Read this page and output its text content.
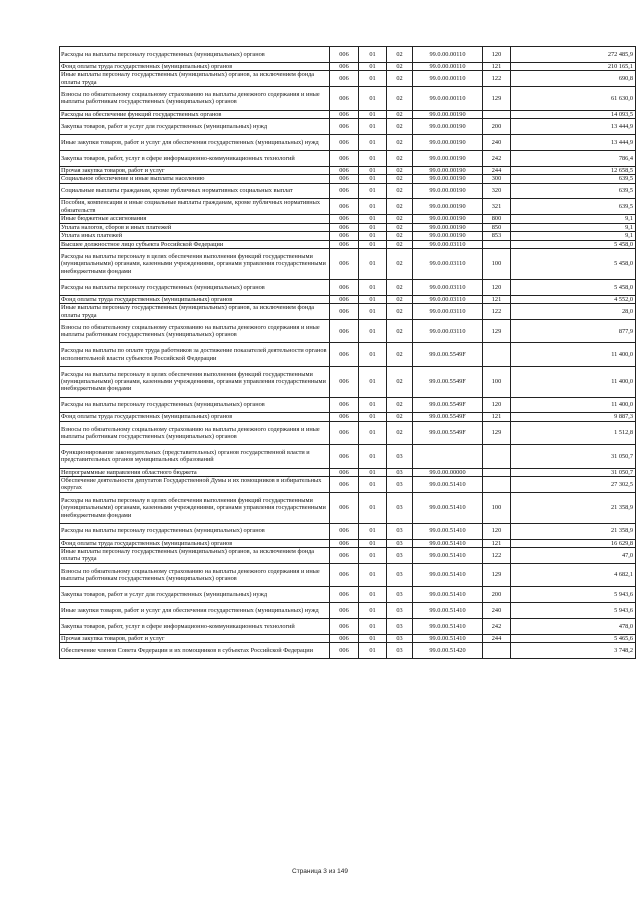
Расходы на выплаты персоналу государственных (муниципальных) органов	006	01	02	99.0.00.00110	120	272 485,9
Фонд оплаты труда государственных (муниципальных) органов	006	01	02	99.0.00.00110	121	210 165,1
Иные выплаты персоналу государственных (муниципальных) органов, за исключением фонда оплаты труда	006	01	02	99.0.00.00110	122	690,8
Взносы по обязательному социальному страхованию на выплаты денежного содержания и иные выплаты работникам государственных (муниципальных) органов	006	01	02	99.0.00.00110	129	61 630,0
Расходы на обеспечение функций государственных органов	006	01	02	99.0.00.00190		14 093,5
Закупка товаров, работ и услуг для государственных (муниципальных) нужд	006	01	02	99.0.00.00190	200	13 444,9
Иные закупки товаров, работ и услуг для обеспечения государственных (муниципальных) нужд	006	01	02	99.0.00.00190	240	13 444,9
Закупка товаров, работ, услуг в сфере информационно-коммуникационных технологий	006	01	02	99.0.00.00190	242	786,4
Прочая закупка товаров, работ и услуг	006	01	02	99.0.00.00190	244	12 658,5
Социальное обеспечение и иные выплаты населению	006	01	02	99.0.00.00190	300	639,5
Социальные выплаты гражданам, кроме публичных нормативных социальных выплат	006	01	02	99.0.00.00190	320	639,5
Пособия, компенсации и иные социальные выплаты гражданам, кроме публичных нормативных обязательств	006	01	02	99.0.00.00190	321	639,5
Иные бюджетные ассигнования	006	01	02	99.0.00.00190	800	9,1
Уплата налогов, сборов и иных платежей	006	01	02	99.0.00.00190	850	9,1
Уплата иных платежей	006	01	02	99.0.00.00190	853	9,1
Высшее должностное лицо субъекта Российской Федерации	006	01	02	99.0.00.03110		5 458,0
Расходы на выплаты персоналу в целях обеспечения выполнения функций государственными (муниципальными) органами, казенными учреждениями, органами управления государственными внебюджетными фондами	006	01	02	99.0.00.03110	100	5 458,0
Расходы на выплаты персоналу государственных (муниципальных) органов	006	01	02	99.0.00.03110	120	5 458,0
Фонд оплаты труда государственных (муниципальных) органов	006	01	02	99.0.00.03110	121	4 552,0
Иные выплаты персоналу государственных (муниципальных) органов, за исключением фонда оплаты труда	006	01	02	99.0.00.03110	122	28,0
Взносы по обязательному социальному страхованию на выплаты денежного содержания и иные выплаты работникам государственных (муниципальных) органов	006	01	02	99.0.00.03110	129	877,9
Расходы на выплаты по оплате труда работников за достижение показателей деятельности органов исполнительной власти субъектов Российской Федерации	006	01	02	99.0.00.5549F		11 400,0
Расходы на выплаты персоналу в целях обеспечения выполнения функций государственными (муниципальными) органами, казенными учреждениями, органами управления государственными внебюджетными фондами	006	01	02	99.0.00.5549F	100	11 400,0
Расходы на выплаты персоналу государственных (муниципальных) органов	006	01	02	99.0.00.5549F	120	11 400,0
Фонд оплаты труда государственных (муниципальных) органов	006	01	02	99.0.00.5549F	121	9 887,3
Взносы по обязательному социальному страхованию на выплаты денежного содержания и иные выплаты работникам государственных (муниципальных) органов	006	01	02	99.0.00.5549F	129	1 512,8
Функционирование законодательных (представительных) органов государственной власти и представительных органов муниципальных образований	006	01	03			31 050,7
Непрограммные направления областного бюджета	006	01	03	99.0.00.00000		31 050,7
Обеспечение деятельности депутатов Государственной Думы и их помощников в избирательных округах	006	01	03	99.0.00.51410		27 302,5
Расходы на выплаты персоналу в целях обеспечения выполнения функций государственными (муниципальными) органами, казенными учреждениями, органами управления государственными внебюджетными фондами	006	01	03	99.0.00.51410	100	21 358,9
Расходы на выплаты персоналу государственных (муниципальных) органов	006	01	03	99.0.00.51410	120	21 358,9
Фонд оплаты труда государственных (муниципальных) органов	006	01	03	99.0.00.51410	121	16 629,8
Иные выплаты персоналу государственных (муниципальных) органов, за исключением фонда оплаты труда	006	01	03	99.0.00.51410	122	47,0
Взносы по обязательному социальному страхованию на выплаты денежного содержания и иные выплаты работникам государственных (муниципальных) органов	006	01	03	99.0.00.51410	129	4 682,1
Закупка товаров, работ и услуг для государственных (муниципальных) нужд	006	01	03	99.0.00.51410	200	5 943,6
Иные закупки товаров, работ и услуг для обеспечения государственных (муниципальных) нужд	006	01	03	99.0.00.51410	240	5 943,6
Закупка товаров, работ, услуг в сфере информационно-коммуникационных технологий	006	01	03	99.0.00.51410	242	478,0
Прочая закупка товаров, работ и услуг	006	01	03	99.0.00.51410	244	5 465,6
Обеспечение членов Совета Федерации и их помощников в субъектах Российской Федерации	006	01	03	99.0.00.51420		3 748,2
Страница 3 из 149
